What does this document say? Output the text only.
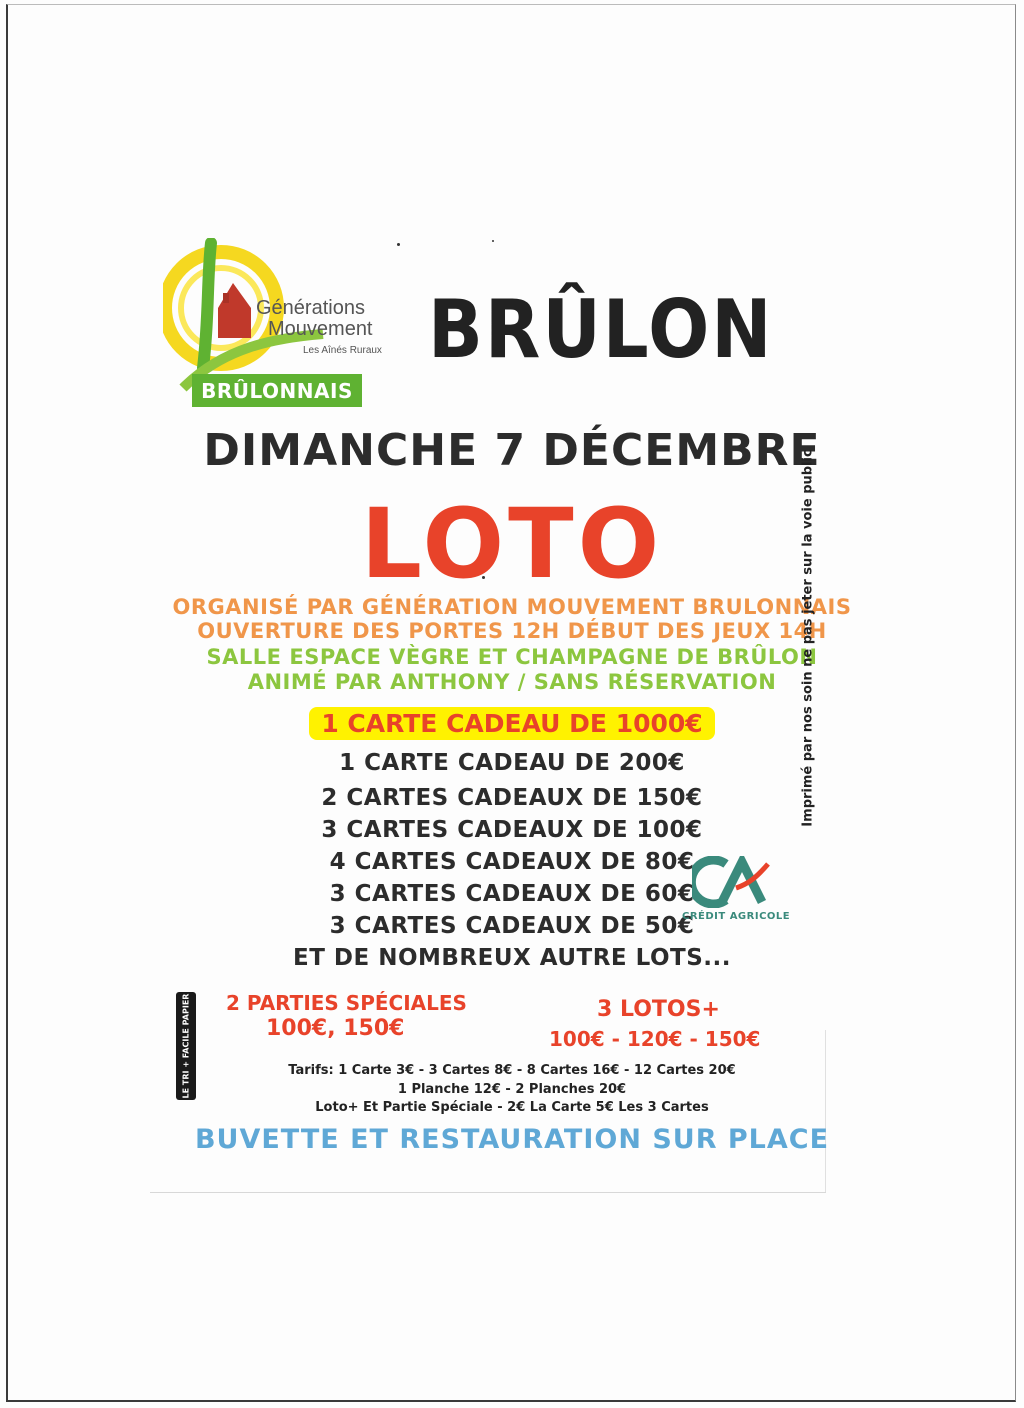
Générations
Mouvement
Les Aînés Ruraux
BRÛLONNAIS
BRÛLON
DIMANCHE 7 DÉCEMBRE
LOTO
ORGANISÉ PAR GÉNÉRATION MOUVEMENT BRULONNAIS
OUVERTURE DES PORTES 12H DÉBUT DES JEUX 14H
SALLE ESPACE VÈGRE ET CHAMPAGNE DE BRÛLON
ANIMÉ PAR ANTHONY / SANS RÉSERVATION
1 CARTE CADEAU DE 1000€
1 CARTE CADEAU DE 200€
2 CARTES CADEAUX DE 150€
3 CARTES CADEAUX DE 100€
4 CARTES CADEAUX DE 80€
3 CARTES CADEAUX DE 60€
3 CARTES CADEAUX DE 50€
ET DE NOMBREUX AUTRE LOTS...
CRÉDIT AGRICOLE
Imprimé par nos soin ne pas jeter sur la voie public
LE TRI + FACILE PAPIER 2 PARTIES SPÉCIALES
100€, 150€
3 LOTOS+
100€ - 120€ - 150€
Tarifs: 1 Carte 3€ - 3 Cartes 8€ - 8 Cartes 16€ - 12 Cartes 20€
1 Planche 12€ - 2 Planches 20€
Loto+ Et Partie Spéciale - 2€ La Carte 5€ Les 3 Cartes
BUVETTE ET RESTAURATION SUR PLACE
